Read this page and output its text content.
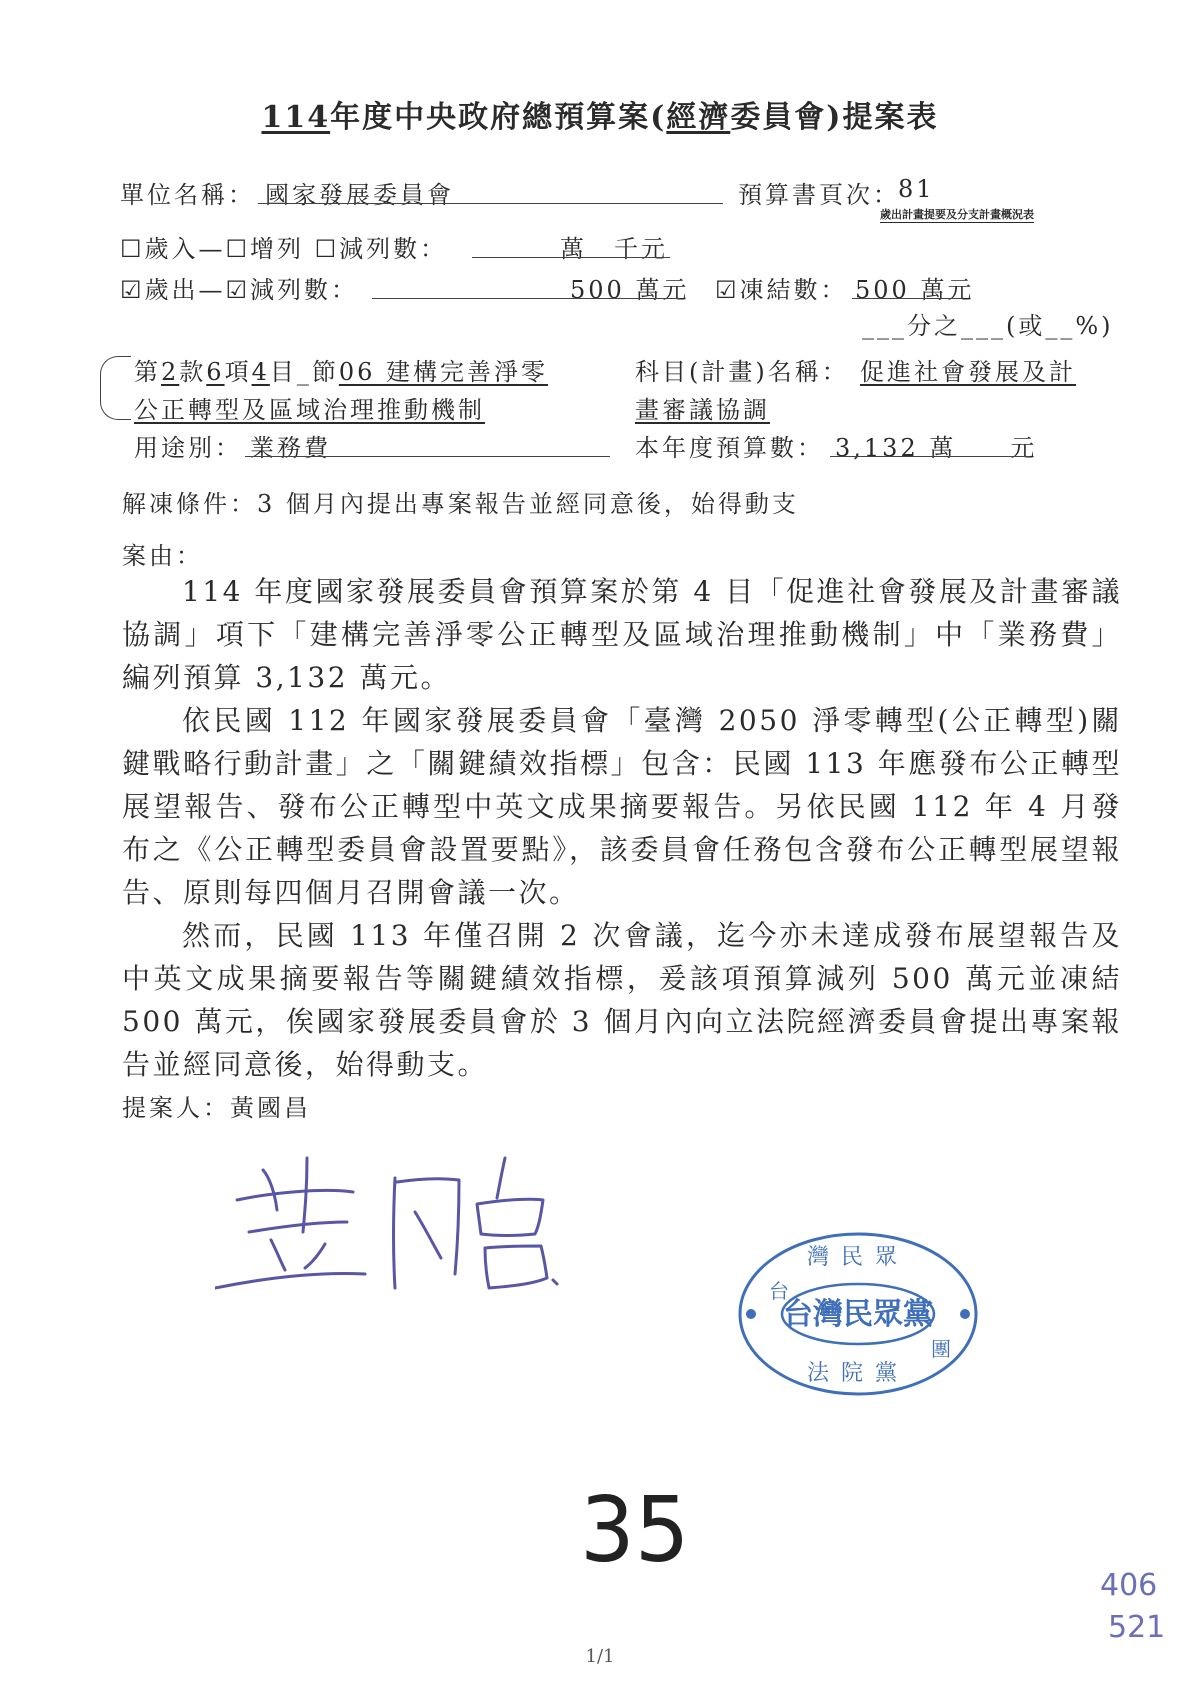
114年度中央政府總預算案(經濟委員會)提案表
單位名稱： 國家發展委員會	預算書頁次：
81
歲出計畫提要及分支計畫概況表
☐歲入—☐增列 ☐減列數：	萬　千元
☑歲出—☑減列數：	500 萬元 ☑凍結數： 500 萬元
___分之___(或__%)
第2款6項4目_節06 建構完善淨零
公正轉型及區域治理推動機制
科目(計畫)名稱： 促進社會發展及計
畫審議協調
用途別： 業務費	本年度預算數： 3,132 萬　　元
解凍條件：3 個月內提出專案報告並經同意後，始得動支
案由：

114 年度國家發展委員會預算案於第 4 目「促進社會發展及計畫審議協調」項下「建構完善淨零公正轉型及區域治理推動機制」中「業務費」編列預算 3,132 萬元。

依民國 112 年國家發展委員會「臺灣 2050 淨零轉型(公正轉型)關鍵戰略行動計畫」之「關鍵績效指標」包含：民國 113 年應發布公正轉型展望報告、發布公正轉型中英文成果摘要報告。另依民國 112 年 4 月發布之《公正轉型委員會設置要點》，該委員會任務包含發布公正轉型展望報告、原則每四個月召開會議一次。

然而，民國 113 年僅召開 2 次會議，迄今亦未達成發布展望報告及中英文成果摘要報告等關鍵績效指標，爰該項預算減列 500 萬元並凍結 500 萬元，俟國家發展委員會於 3 個月內向立法院經濟委員會提出專案報告並經同意後，始得動支。

提案人：黃國昌
台灣民眾黨
灣民眾
法院黨
台
團
35
406
521
1/1
